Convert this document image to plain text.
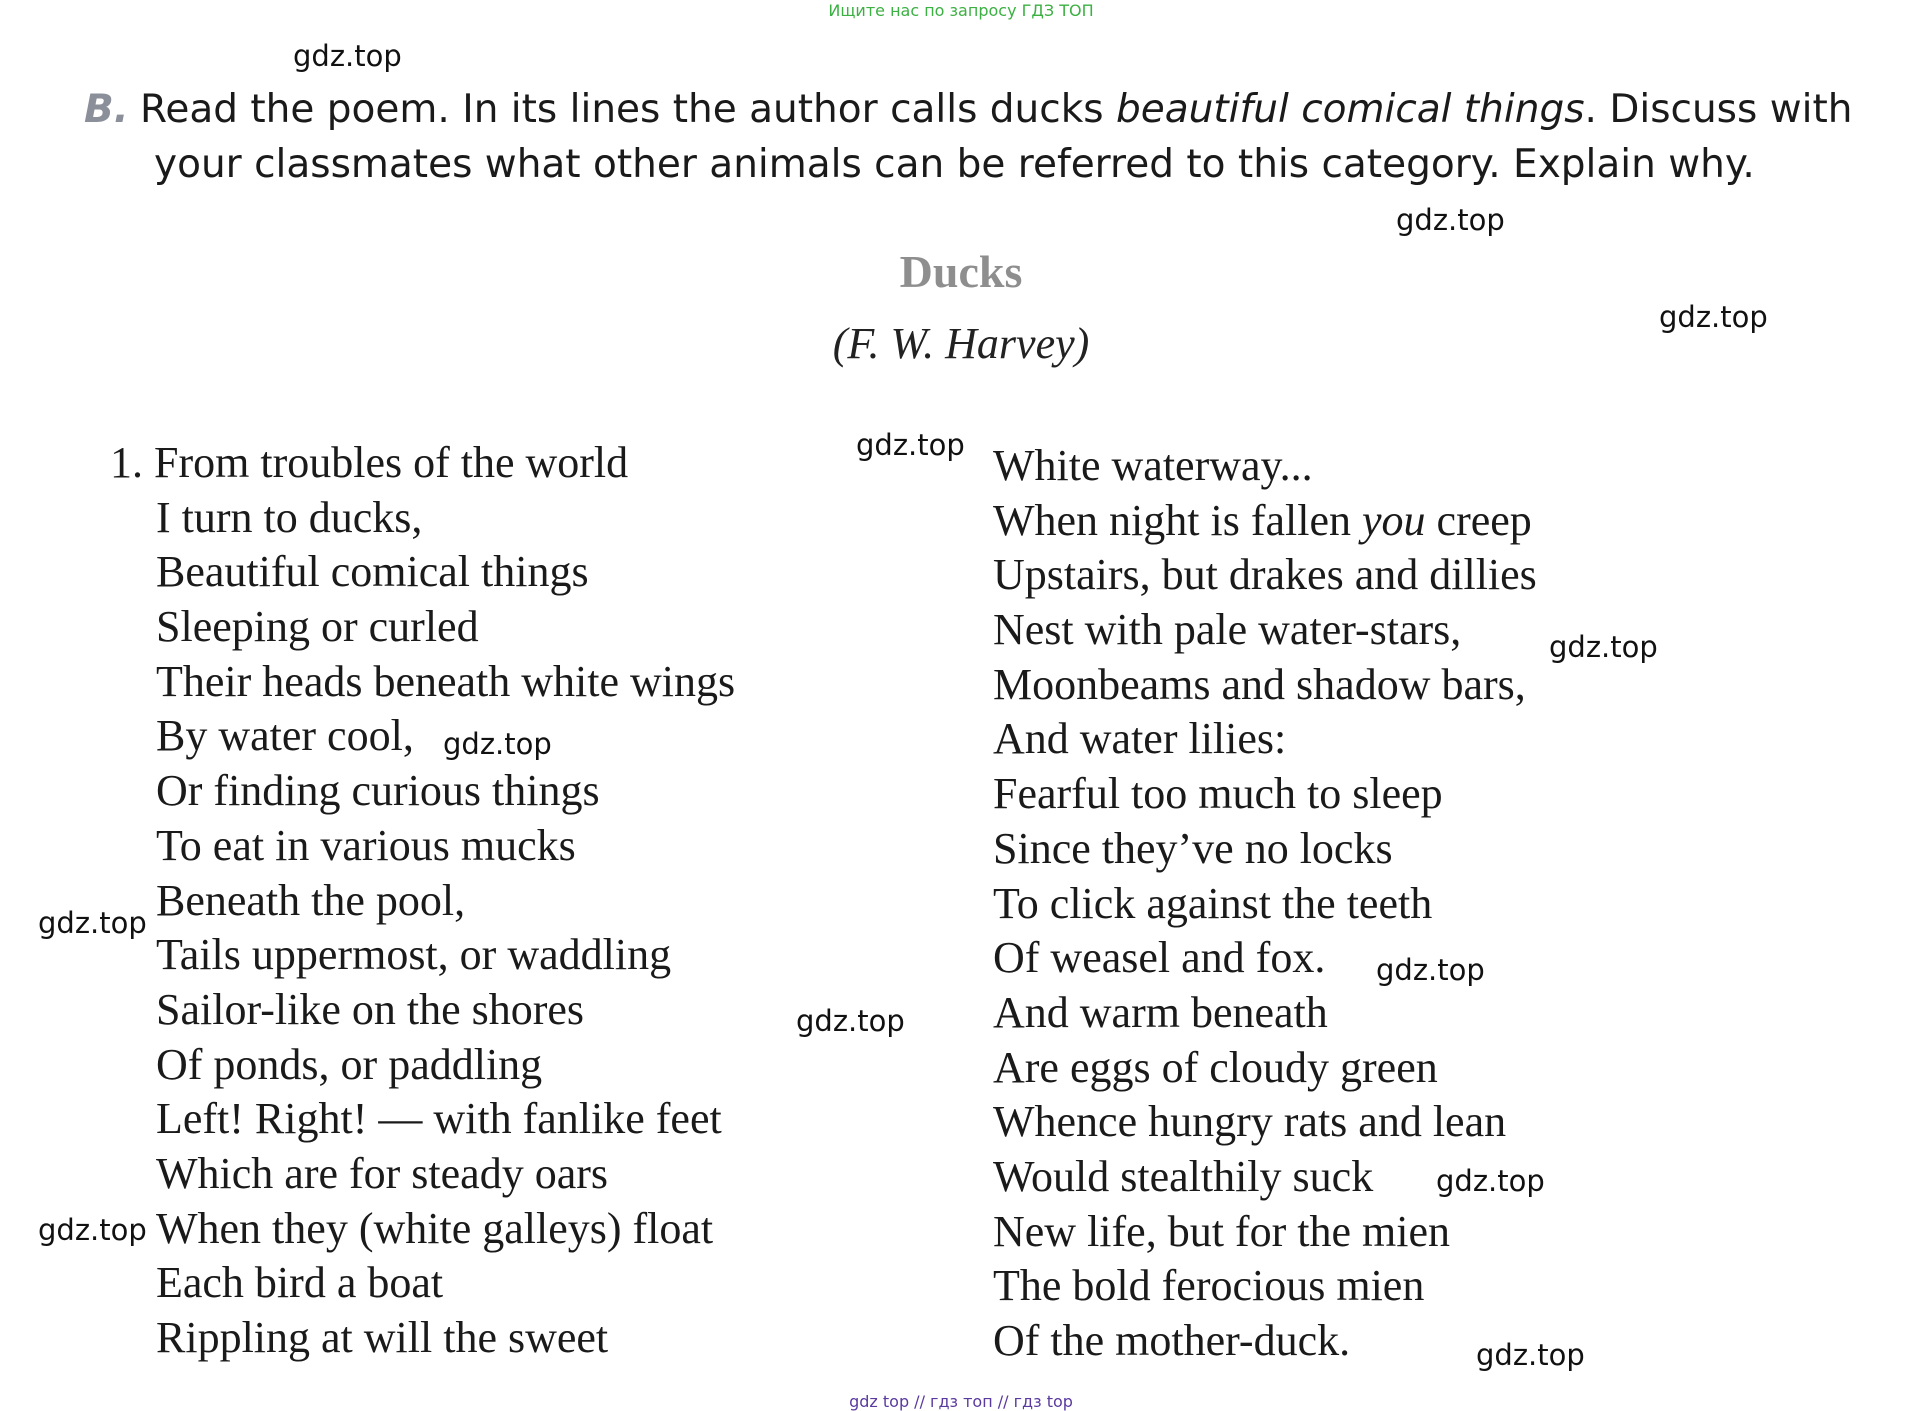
Ищите нас по запросу ГДЗ ТОП
B. Read the poem. In its lines the author calls ducks beautiful comical things. Discuss with
your classmates what other animals can be referred to this category. Explain why.
Ducks
(F. W. Harvey)
1. From troubles of the world
I turn to ducks,
Beautiful comical things
Sleeping or curled
Their heads beneath white wings
By water cool,
Or finding curious things
To eat in various mucks
Beneath the pool,
Tails uppermost, or waddling
Sailor-like on the shores
Of ponds, or paddling
Left! Right! — with fanlike feet
Which are for steady oars
When they (white galleys) float
Each bird a boat
Rippling at will the sweet
White waterway...
When night is fallen you creep
Upstairs, but drakes and dillies
Nest with pale water-stars,
Moonbeams and shadow bars,
And water lilies:
Fearful too much to sleep
Since they’ve no locks
To click against the teeth
Of weasel and fox.
And warm beneath
Are eggs of cloudy green
Whence hungry rats and lean
Would stealthily suck
New life, but for the mien
The bold ferocious mien
Of the mother-duck.
gdz.top
gdz.top
gdz.top
gdz.top
gdz.top
gdz.top
gdz.top
gdz.top
gdz.top
gdz.top
gdz.top
gdz.top
gdz top // гдз топ // гдз top
